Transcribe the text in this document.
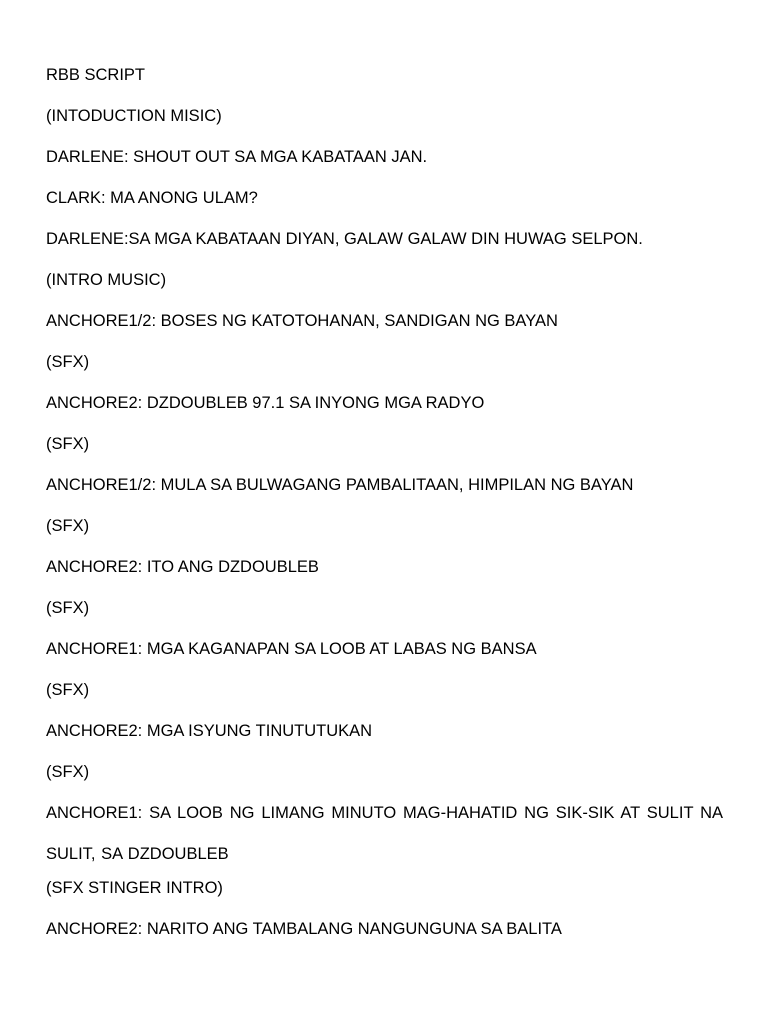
RBB SCRIPT

(INTODUCTION MISIC)

DARLENE: SHOUT OUT SA MGA KABATAAN JAN.

CLARK: MA ANONG ULAM?

DARLENE:SA MGA KABATAAN DIYAN, GALAW GALAW DIN HUWAG SELPON.

(INTRO MUSIC)

ANCHORE1/2: BOSES NG KATOTOHANAN, SANDIGAN NG BAYAN

(SFX)

ANCHORE2: DZDOUBLEB 97.1 SA INYONG MGA RADYO

(SFX)

ANCHORE1/2: MULA SA BULWAGANG PAMBALITAAN, HIMPILAN NG BAYAN

(SFX)

ANCHORE2: ITO ANG DZDOUBLEB

(SFX)

ANCHORE1: MGA KAGANAPAN SA LOOB AT LABAS NG BANSA

(SFX)

ANCHORE2: MGA ISYUNG TINUTUTUKAN

(SFX)

ANCHORE1: SA LOOB NG LIMANG MINUTO MAG-HAHATID NG SIK-SIK AT SULIT NA SULIT, SA DZDOUBLEB

(SFX STINGER INTRO)

ANCHORE2: NARITO ANG TAMBALANG NANGUNGUNA SA BALITA
